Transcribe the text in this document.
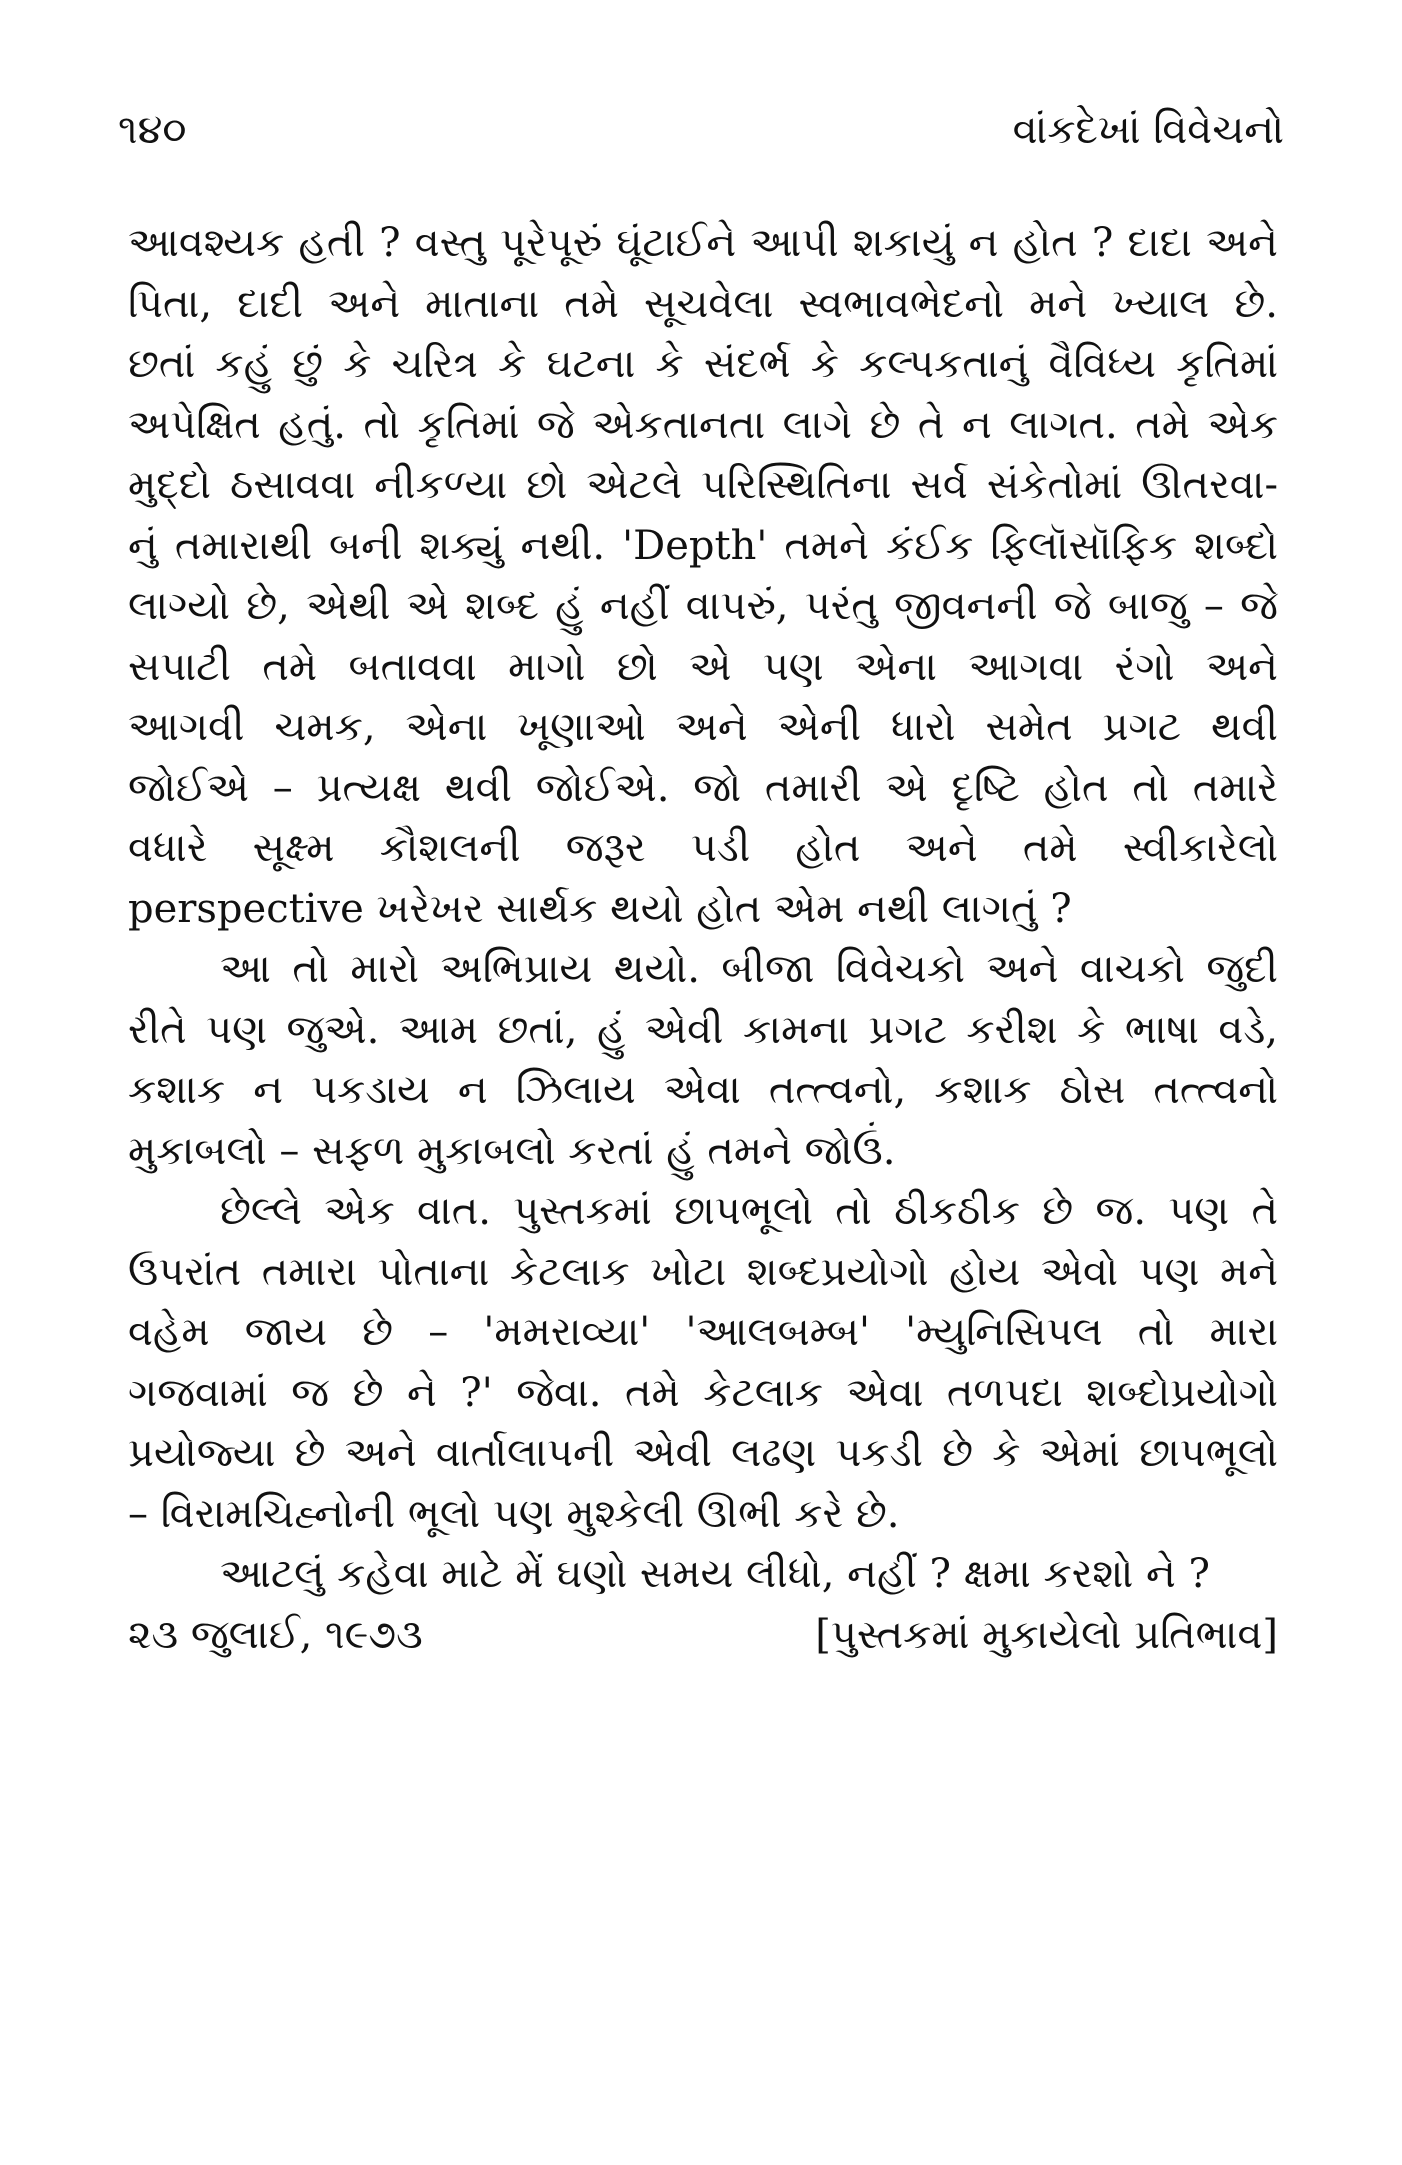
૧૪૦	વાંકદેખાં વિવેચનો
આવશ્યક હતી ? વસ્તુ પૂરેપૂરું ઘૂંટાઈને આપી શકાયું ન હોત ? દાદા અને
પિતા, દાદી અને માતાના તમે સૂચવેલા સ્વભાવભેદનો મને ખ્યાલ છે.
છતાં કહું છું કે ચરિત્ર કે ઘટના કે સંદર્ભ કે કલ્પકતાનું વૈવિધ્ય કૃતિમાં
અપેક્ષિત હતું. તો કૃતિમાં જે એકતાનતા લાગે છે તે ન લાગત. તમે એક
મુદ્દો ઠસાવવા નીકળ્યા છો એટલે પરિસ્થિતિના સર્વ સંકેતોમાં ઊતરવા-
નું તમારાથી બની શક્યું નથી. 'Depth' તમને કંઈક ફિલૉસૉફિક શબ્દો
લાગ્યો છે, એથી એ શબ્દ હું નહીં વાપરું, પરંતુ જીવનની જે બાજુ – જે
સપાટી તમે બતાવવા માગો છો એ પણ એના આગવા રંગો અને
આગવી ચમક, એના ખૂણાઓ અને એની ધારો સમેત પ્રગટ થવી
જોઈએ – પ્રત્યક્ષ થવી જોઈએ. જો તમારી એ દૃષ્ટિ હોત તો તમારે
વધારે સૂક્ષ્મ કૌશલની જરૂર પડી હોત અને તમે સ્વીકારેલો
perspective ખરેખર સાર્થક થયો હોત એમ નથી લાગતું ?
આ તો મારો અભિપ્રાય થયો. બીજા વિવેચકો અને વાચકો જુદી
રીતે પણ જુએ. આમ છતાં, હું એવી કામના પ્રગટ કરીશ કે ભાષા વડે,
કશાક ન પકડાય ન ઝિલાય એવા તત્ત્વનો, કશાક ઠોસ તત્ત્વનો
મુકાબલો – સફળ મુકાબલો કરતાં હું તમને જોઉં.
છેલ્લે એક વાત. પુસ્તકમાં છાપભૂલો તો ઠીકઠીક છે જ. પણ તે
ઉપરાંત તમારા પોતાના કેટલાક ખોટા શબ્દપ્રયોગો હોય એવો પણ મને
વહેમ જાય છે – 'મમરાવ્યા' 'આલબમ્બ' 'મ્યુનિસિપલ તો મારા
ગજવામાં જ છે ને ?' જેવા. તમે કેટલાક એવા તળપદા શબ્દોપ્રયોગો
પ્રયોજ્યા છે અને વાર્તાલાપની એવી લઢણ પકડી છે કે એમાં છાપભૂલો
– વિરામચિહ્નોની ભૂલો પણ મુશ્કેલી ઊભી કરે છે.
આટલું કહેવા માટે મેં ઘણો સમય લીધો, નહીં ? ક્ષમા કરશો ને ?
૨૩ જુલાઈ, ૧૯૭૩	[પુસ્તકમાં મુકાયેલો પ્રતિભાવ]
